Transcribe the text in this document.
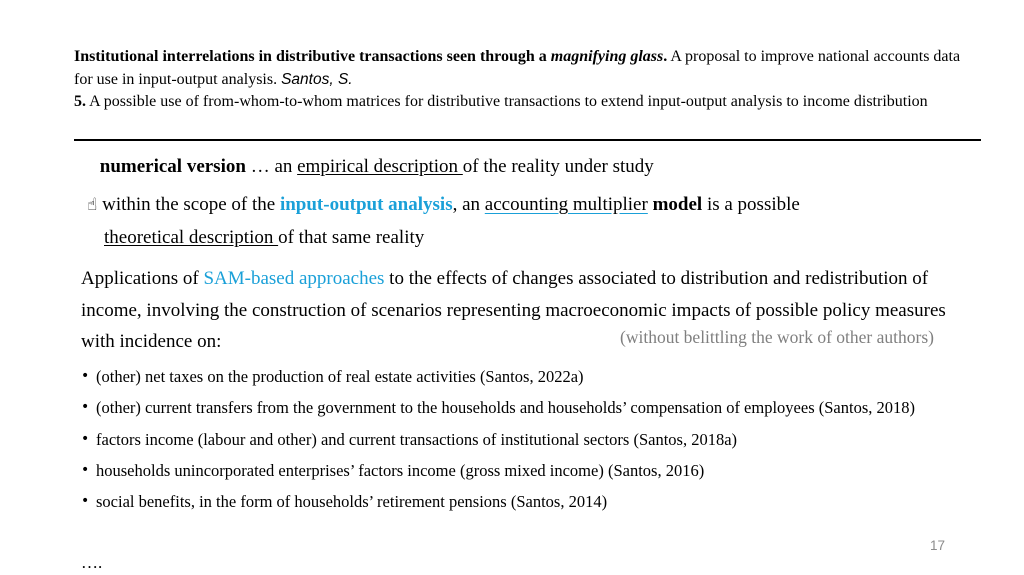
Institutional interrelations in distributive transactions seen through a magnifying glass. A proposal to improve national accounts data for use in input-output analysis. Santos, S.
5. A possible use of from-whom-to-whom matrices for distributive transactions to extend input-output analysis to income distribution
numerical version … an empirical description of the reality under study
☝ within the scope of the input-output analysis, an accounting multiplier model is a possible
theoretical description of that same reality
Applications of SAM-based approaches to the effects of changes associated to distribution and redistribution of income, involving the construction of scenarios representing macroeconomic impacts of possible policy measures with incidence on:	(without belittling the work of other authors)
• (other) net taxes on the production of real estate activities (Santos, 2022a)
• (other) current transfers from the government to the households and households’ compensation of employees (Santos, 2018)
• factors income (labour and other) and current transactions of institutional sectors (Santos, 2018a)
• households unincorporated enterprises’ factors income (gross mixed income) (Santos, 2016)
• social benefits, in the form of households’ retirement pensions (Santos, 2014)
….
17
